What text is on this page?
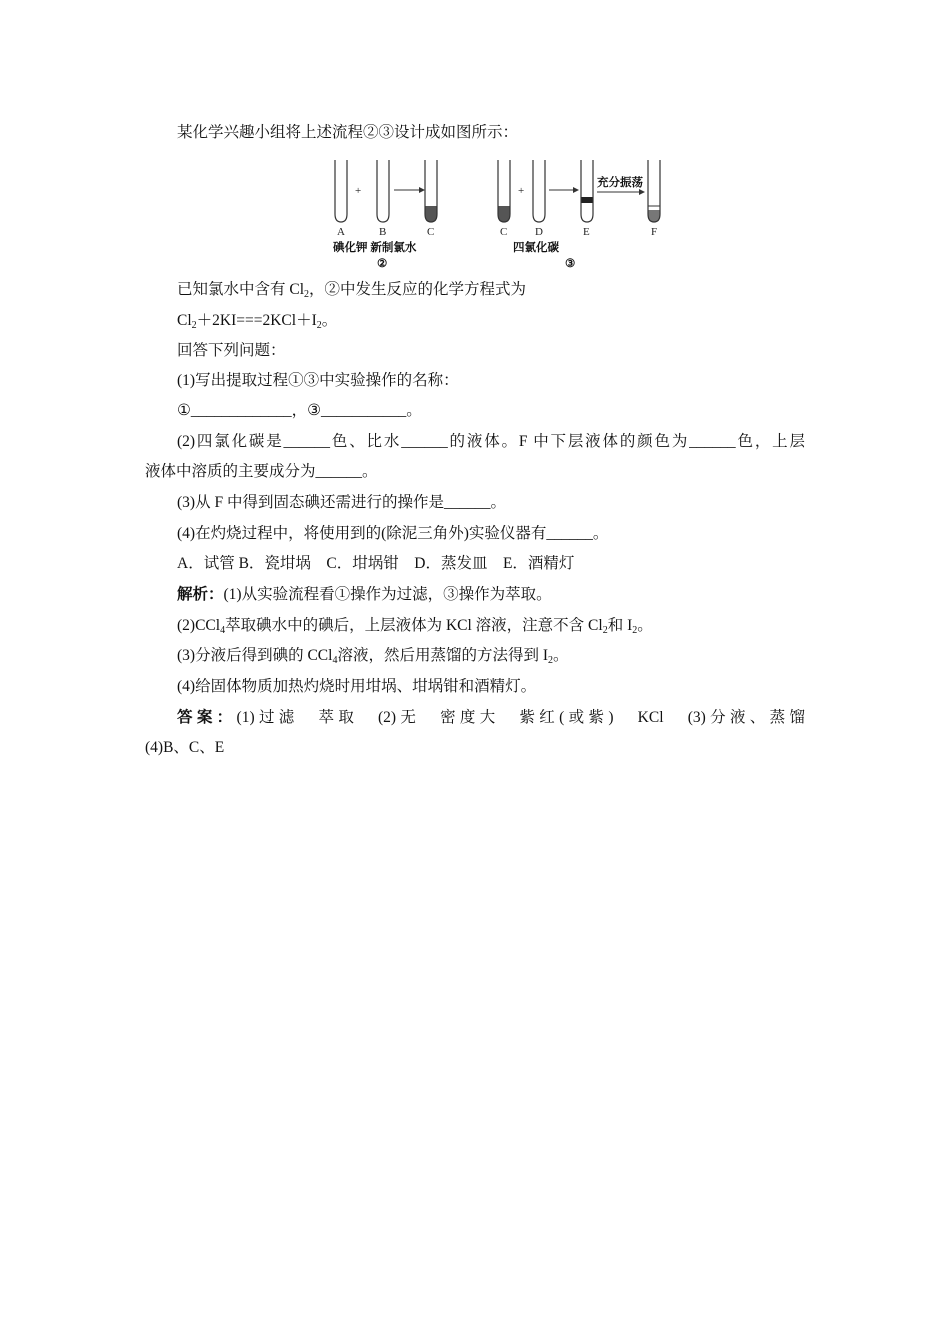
某化学兴趣小组将上述流程②③设计成如图所示：
+
A	B	C
碘化钾 新制氯水
②
+
充分振荡
C	D	E	F
四氯化碳
③
已知氯水中含有 $Cl_2$，②中发生反应的化学方程式为
$Cl_2+2KI===2KCl+I_2$。
回答下列问题：
(1)写出提取过程①③中实验操作的名称：
①_____________，③___________。
(2)四氯化碳是______色、比水______的液体。F 中下层液体的颜色为______色，上层
液体中溶质的主要成分为______。
(3)从 F 中得到固态碘还需进行的操作是______。
(4)在灼烧过程中，将使用到的(除泥三角外)实验仪器有______。
A．试管 B．瓷坩埚　C．坩埚钳　D．蒸发皿　E．酒精灯
解析：(1)从实验流程看①操作为过滤，③操作为萃取。
(2)CCl$_4$萃取碘水中的碘后，上层液体为 KCl 溶液，注意不含 $Cl_2$和 $I_2$。
(3)分液后得到碘的 CCl$_4$溶液，然后用蒸馏的方法得到 $I_2$。
(4)给固体物质加热灼烧时用坩埚、坩埚钳和酒精灯。
答案：(1)过滤　萃取　(2)无　密度大　紫红(或紫)　KCl　(3)分液、蒸馏
(4)B、C、E
